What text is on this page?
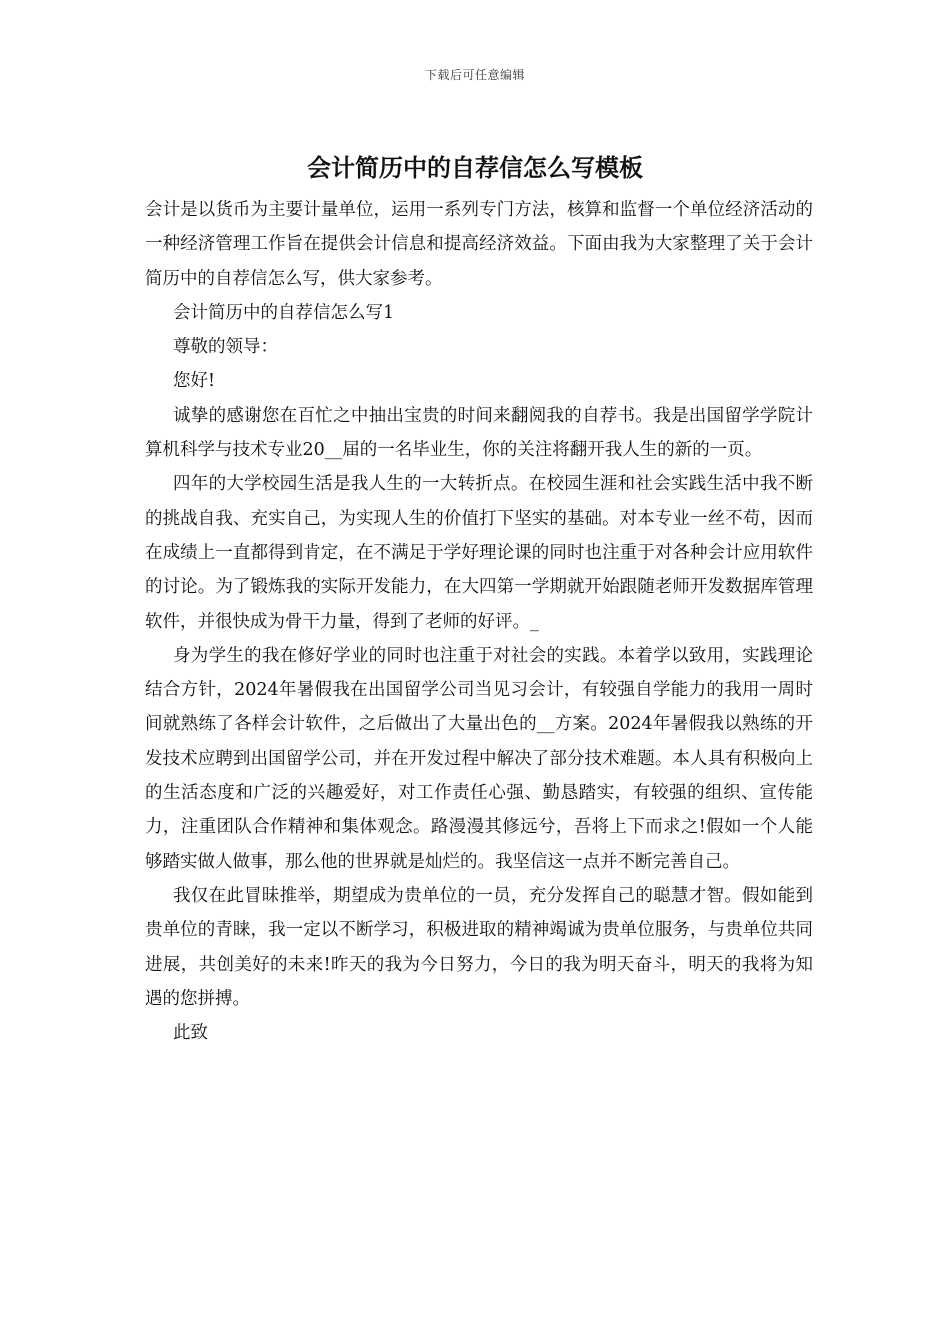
下载后可任意编辑
会计简历中的自荐信怎么写模板

会计是以货币为主要计量单位，运用一系列专门方法，核算和监督一个单位经济活动的一种经济管理工作旨在提供会计信息和提高经济效益。下面由我为大家整理了关于会计简历中的自荐信怎么写，供大家参考。

会计简历中的自荐信怎么写1

尊敬的领导：

您好!

诚挚的感谢您在百忙之中抽出宝贵的时间来翻阅我的自荐书。我是出国留学学院计算机科学与技术专业20__届的一名毕业生，你的关注将翻开我人生的新的一页。

四年的大学校园生活是我人生的一大转折点。在校园生涯和社会实践生活中我不断的挑战自我、充实自己，为实现人生的价值打下坚实的基础。对本专业一丝不苟，因而在成绩上一直都得到肯定，在不满足于学好理论课的同时也注重于对各种会计应用软件的讨论。为了锻炼我的实际开发能力，在大四第一学期就开始跟随老师开发数据库管理软件，并很快成为骨干力量，得到了老师的好评。_

身为学生的我在修好学业的同时也注重于对社会的实践。本着学以致用，实践理论结合方针，2024年暑假我在出国留学公司当见习会计，有较强自学能力的我用一周时间就熟练了各样会计软件，之后做出了大量出色的__方案。2024年暑假我以熟练的开发技术应聘到出国留学公司，并在开发过程中解决了部分技术难题。本人具有积极向上的生活态度和广泛的兴趣爱好，对工作责任心强、勤恳踏实，有较强的组织、宣传能力，注重团队合作精神和集体观念。路漫漫其修远兮，吾将上下而求之!假如一个人能够踏实做人做事，那么他的世界就是灿烂的。我坚信这一点并不断完善自己。

我仅在此冒昧推举，期望成为贵单位的一员，充分发挥自己的聪慧才智。假如能到贵单位的青睐，我一定以不断学习，积极进取的精神竭诚为贵单位服务，与贵单位共同进展，共创美好的未来!昨天的我为今日努力，今日的我为明天奋斗，明天的我将为知遇的您拼搏。

此致
